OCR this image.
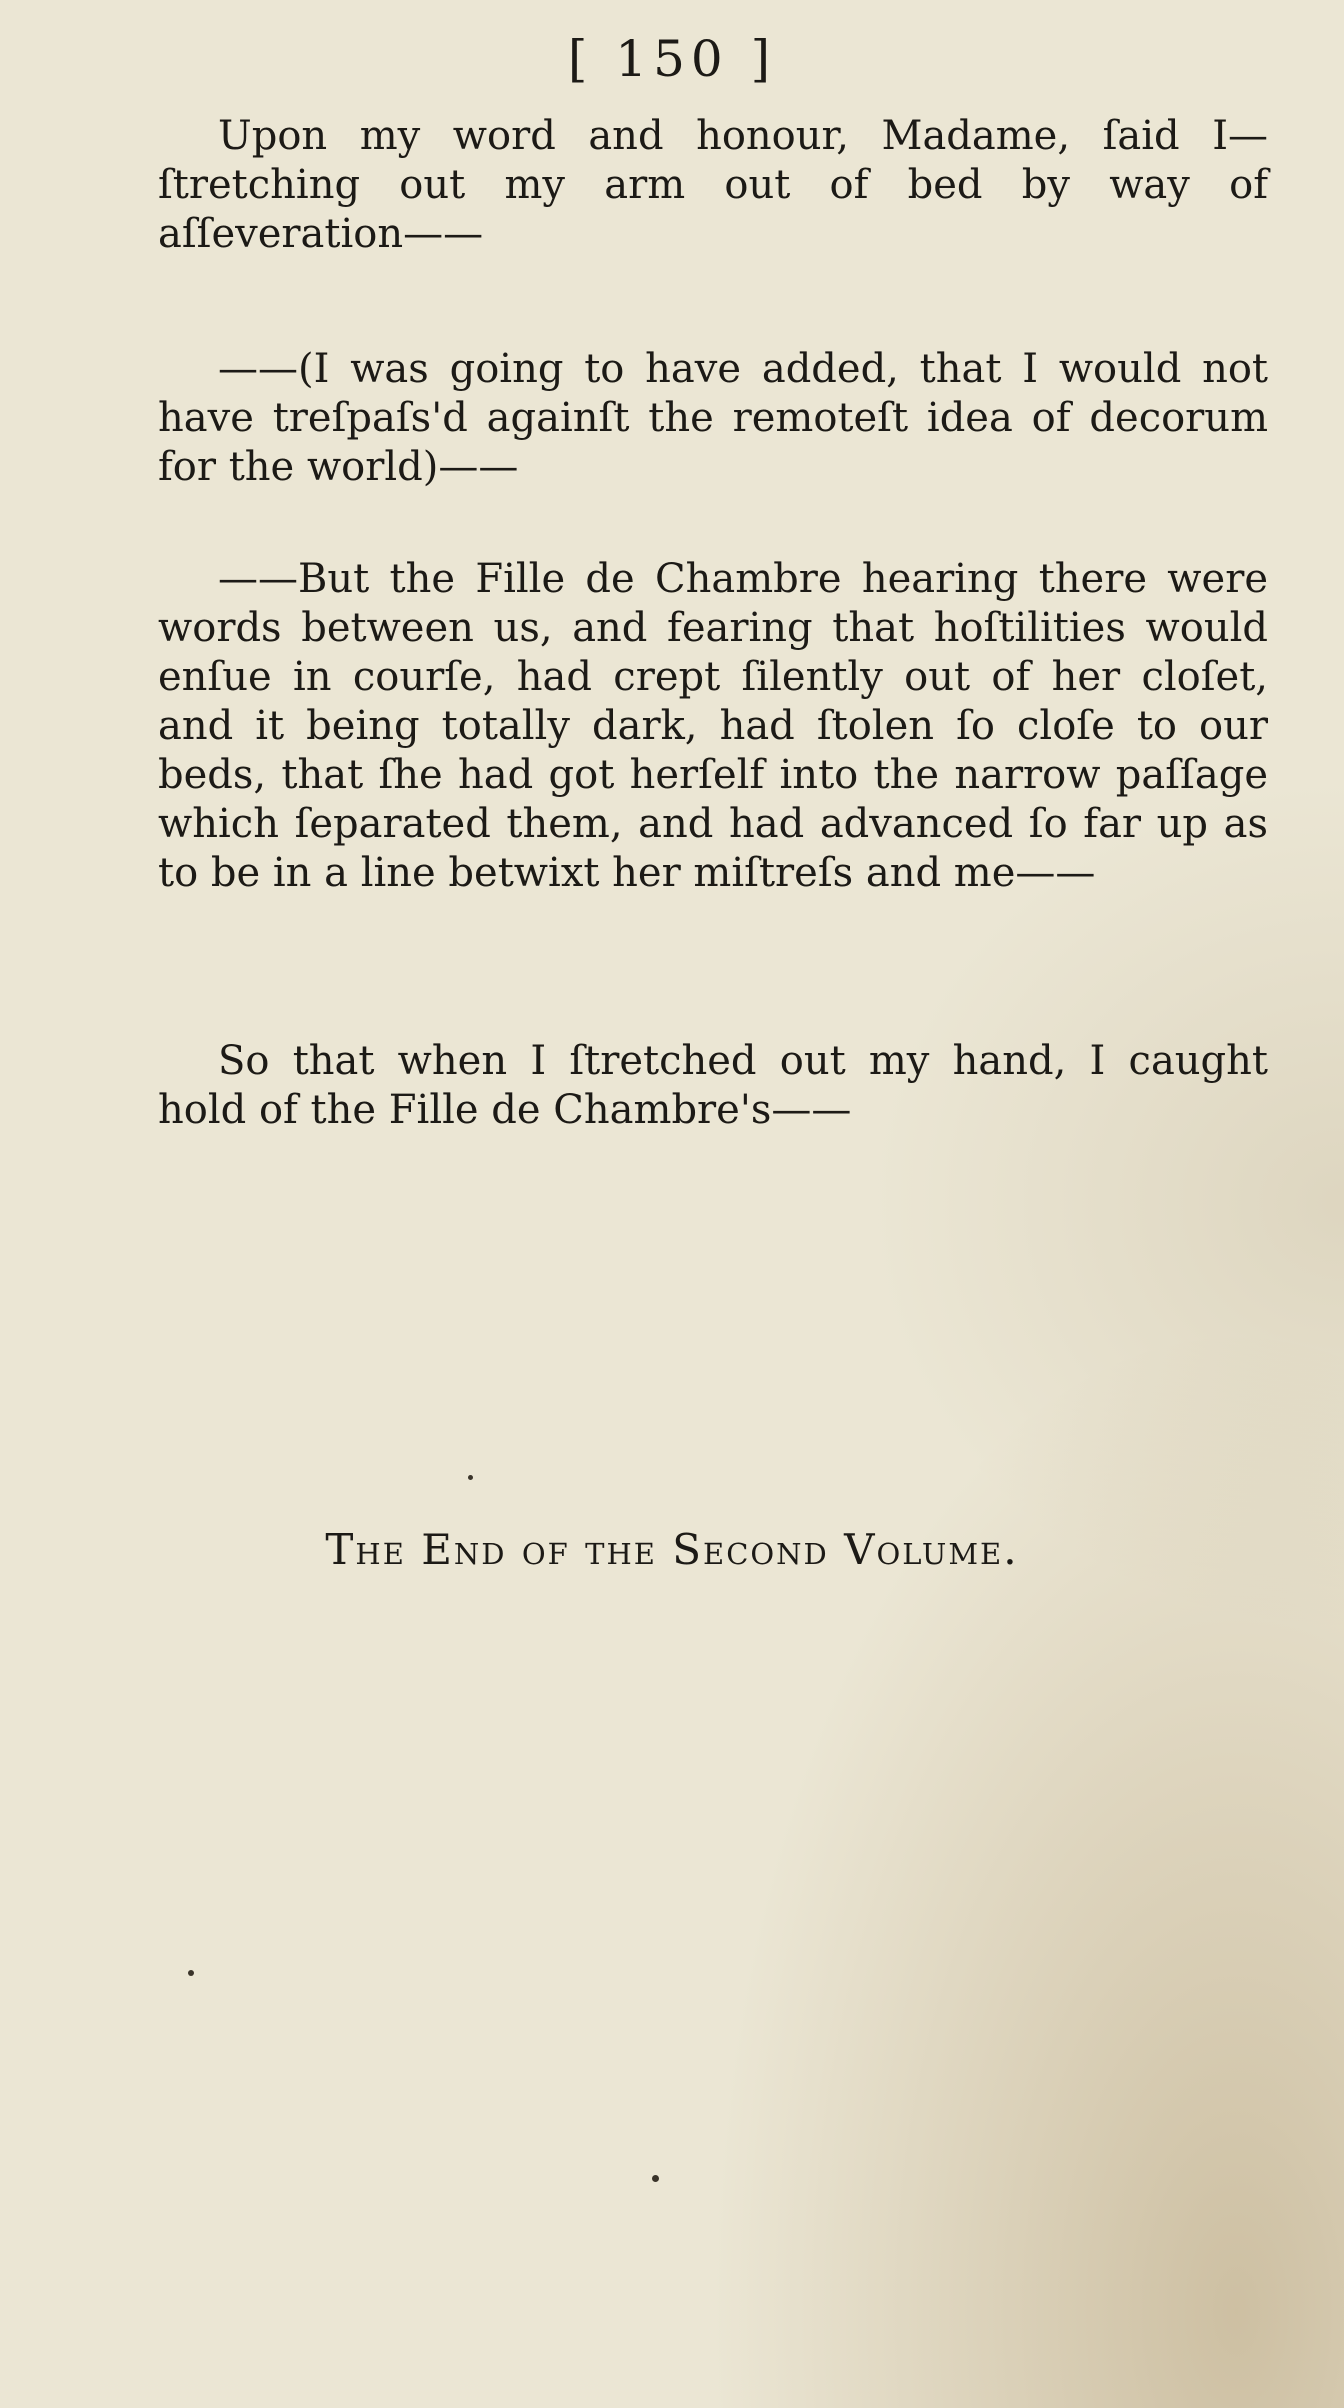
[ 150 ]

Upon my word and honour, Madame, ſaid I— ſtretching out my arm out of bed by way of aſſeveration——

——(I was going to have added, that I would not have treſpaſs'd againſt the remoteſt idea of decorum for the world)——

——But the Fille de Chambre hearing there were words between us, and fearing that hoſtilities would enſue in courſe, had crept ſilently out of her cloſet, and it being totally dark, had ſtolen ſo cloſe to our beds, that ſhe had got herſelf into the narrow paſſage which ſeparated them, and had advanced ſo far up as to be in a line betwixt her miſtreſs and me——

So that when I ſtretched out my hand, I caught hold of the Fille de Chambre's——

The End of the Second Volume.
